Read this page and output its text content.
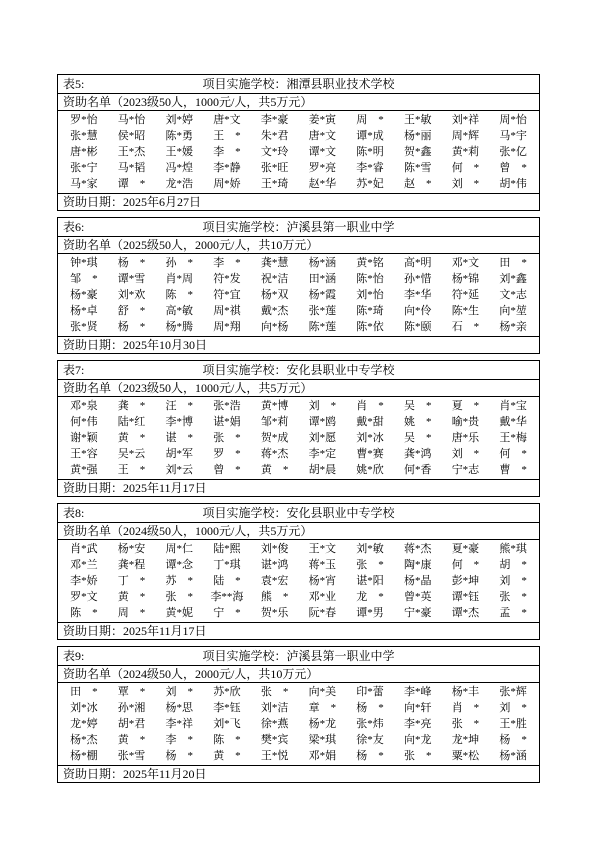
表5:	项目实施学校：湘潭县职业技术学校
资助名单（2023级50人，1000元/人，共5万元）
罗*怡	马*怡	刘*婷	唐*文	李*豪	姜*寅	周　*	王*敏	刘*祥	周*怡
张*慧	侯*昭	陈*勇	王　*	朱*君	唐*文	谭*成	杨*丽	周*辉	马*宇
唐*彬	王*杰	王*媛	李　*	文*玲	谭*文	陈*明	贺*鑫	黄*莉	张*亿
张*宁	马*韬	冯*煌	李*静	张*旺	罗*亮	李*睿	陈*雪	何　*	曾　*
马*家	谭　*	龙*浩	周*娇	王*琦	赵*华	苏*妃	赵　*	刘　*	胡*伟
资助日期：2025年6月27日
表6:	项目实施学校：泸溪县第一职业中学
资助名单（2025级50人，2000元/人，共10万元）
钟*琪	杨　*	孙　*	李　*	龚*慧	杨*涵	黄*铭	高*明	邓*文	田　*
邹　*	谭*雪	肖*周	符*发	祝*洁	田*涵	陈*怡	孙*惜	杨*锦	刘*鑫
杨*豪	刘*欢	陈　*	符*宜	杨*双	杨*霞	刘*怡	李*华	符*延	文*志
杨*卓	舒　*	高*敏	周*祺	戴*杰	张*莲	陈*琦	向*伶	陈*生	向*堃
张*贤	杨　*	杨*腾	周*翔	向*杨	陈*莲	陈*依	陈*颐	石　*	杨*亲
资助日期：2025年10月30日
表7:	项目实施学校：安化县职业中专学校
资助名单（2023级50人，1000元/人，共5万元）
邓*泉	龚　*	汪　*	张*浩	黄*博	刘　*	肖　*	吴　*	夏　*	肖*宝
何*伟	陆*红	李*博	谌*娟	邹*莉	谭*鸥	戴*甜	姚　*	喻*贵	戴*华
谢*颖	黄　*	谌　*	张　*	贺*成	刘*愿	刘*冰	吴　*	唐*乐	王*梅
王*容	吴*云	胡*军	罗　*	蒋*杰	李*定	曹*赛	龚*鸿	刘　*	何　*
黄*强	王　*	刘*云	曾　*	黄　*	胡*晨	姚*欣	何*香	宁*志	曹　*
资助日期：2025年11月17日
表8:	项目实施学校：安化县职业中专学校
资助名单（2024级50人，1000元/人，共5万元）
肖*武	杨*安	周*仁	陆*熙	刘*俊	王*文	刘*敏	蒋*杰	夏*豪	熊*琪
邓*兰	龚*程	谭*念	丁*琪	谌*鸿	蒋*玉	张　*	陶*康	何　*	胡　*
李*娇	丁　*	苏　*	陆　*	袁*宏	杨*宵	谌*阳	杨*晶	彭*坤	刘　*
罗*文	黄　*	张　*	李**海	熊　*	邓*业	龙　*	曾*英	谭*钰	张　*
陈　*	周　*	黄*妮	宁　*	贺*乐	阮*春	谭*男	宁*豪	谭*杰	孟　*
资助日期：2025年11月17日
表9:	项目实施学校：泸溪县第一职业中学
资助名单（2024级50人，2000元/人，共10万元）
田　*	覃　*	刘　*	苏*欣	张　*	向*美	印*蕾	李*峰	杨*丰	张*辉
刘*冰	孙*湘	杨*思	李*钰	刘*洁	章　*	杨　*	向*轩	肖　*	刘　*
龙*婷	胡*君	李*祥	刘*飞	徐*燕	杨*龙	张*炜	李*亮	张　*	王*胜
杨*杰	黄　*	李　*	陈　*	樊*宾	梁*琪	徐*友	向*龙	龙*坤	杨　*
杨*棚	张*雪	杨　*	黄　*	王*悦	邓*娟	杨　*	张　*	粟*松	杨*涵
资助日期：2025年11月20日
